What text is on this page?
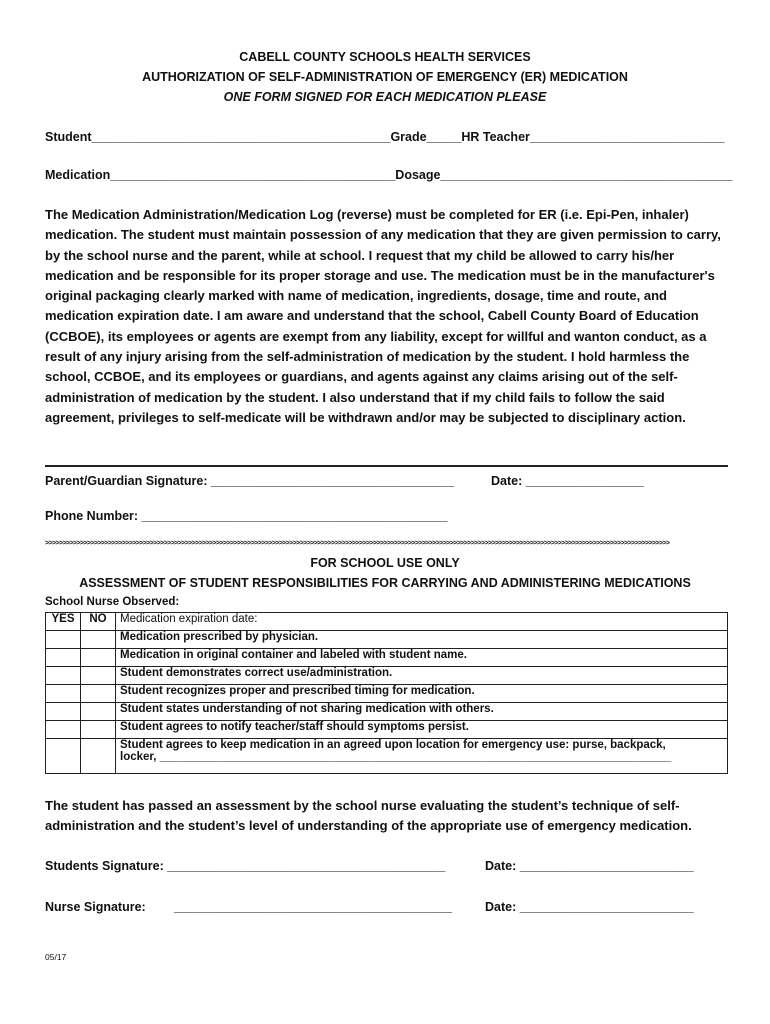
CABELL COUNTY SCHOOLS HEALTH SERVICES
AUTHORIZATION OF SELF-ADMINISTRATION OF EMERGENCY (ER) MEDICATION
ONE FORM SIGNED FOR EACH MEDICATION PLEASE
Student___________________________________________Grade_____HR Teacher____________________________
Medication_________________________________________Dosage__________________________________________
The Medication Administration/Medication Log (reverse) must be completed for ER (i.e. Epi-Pen, inhaler) medication. The student must maintain possession of any medication that they are given permission to carry, by the school nurse and the parent, while at school. I request that my child be allowed to carry his/her medication and be responsible for its proper storage and use. The medication must be in the manufacturer's original packaging clearly marked with name of medication, ingredients, dosage, time and route, and medication expiration date. I am aware and understand that the school, Cabell County Board of Education (CCBOE), its employees or agents are exempt from any liability, except for willful and wanton conduct, as a result of any injury arising from the self-administration of medication by the student. I hold harmless the school, CCBOE, and its employees or guardians, and agents against any claims arising out of the self-administration of medication by the student. I also understand that if my child fails to follow the said agreement, privileges to self-medicate will be withdrawn and/or may be subjected to disciplinary action.
Parent/Guardian Signature: ___________________________________	Date: _________________
Phone Number: ____________________________________________
>>>>>>>>>>>>>>>>>>>>>>>>>>>>>>>>>>>>>>>>>>>>>>>>>>>>>>>>>>>>>>>>>>>>>>>>>>>>>>>>>>>>>>>>>>>>>>>>>>>>>>>>>>>>>>>>>>>>>>>>>>>>>>>>>>>>>>>>>>>>>>>>>>>>>>>>>>>>>>>>>>>>>>>>>>>>>>>>>>>
FOR SCHOOL USE ONLY
ASSESSMENT OF STUDENT RESPONSIBILITIES FOR CARRYING AND ADMINISTERING MEDICATIONS
School Nurse Observed:
YES	NO	Medication expiration date:
		Medication prescribed by physician.
		Medication in original container and labeled with student name.
		Student demonstrates correct use/administration.
		Student recognizes proper and prescribed timing for medication.
		Student states understanding of not sharing medication with others.
		Student agrees to notify teacher/staff should symptoms persist.

		Student agrees to keep medication in an agreed upon location for emergency use: purse, backpack,
locker, ________________________________________________________________________________
The student has passed an assessment by the school nurse evaluating the student’s technique of self-administration and the student’s level of understanding of the appropriate use of emergency medication.
Students Signature: ________________________________________	Date: _________________________
Nurse Signature: ________________________________________	Date: _________________________
05/17
